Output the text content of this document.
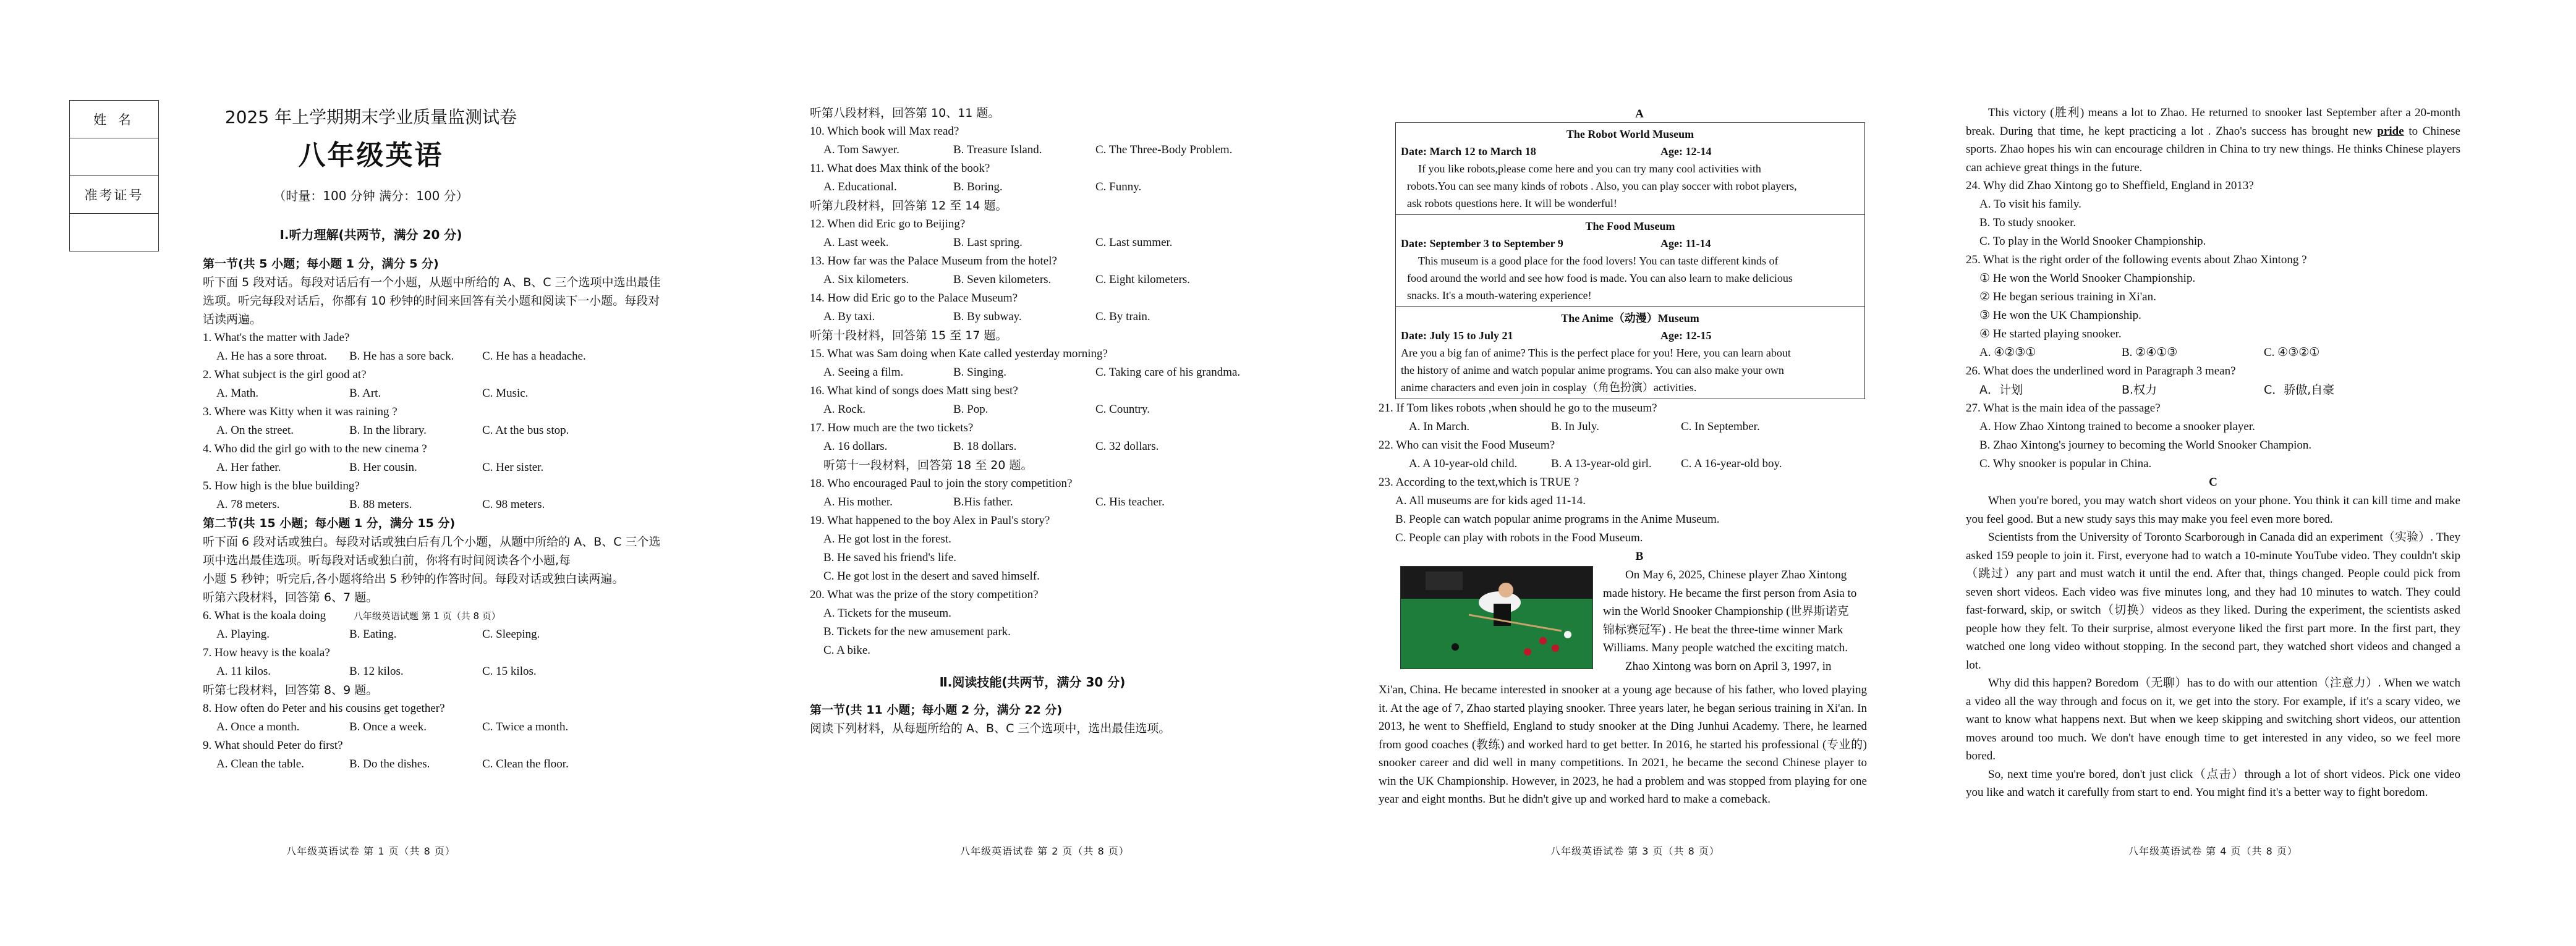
姓 名

准考证号

2025 年上学期期末学业质量监测试卷
八年级英语
（时量：100 分钟 满分：100 分）
Ⅰ.听力理解(共两节，满分 20 分)
第一节(共 5 小题；每小题 1 分，满分 5 分)
听下面 5 段对话。每段对话后有一个小题，从题中所给的 A、B、C 三个选项中选出最佳
选项。听完每段对话后，你都有 10 秒钟的时间来回答有关小题和阅读下一小题。每段对
话读两遍。
1. What's the matter with Jade?
A. He has a sore throat.	B. He has a sore back.	C. He has a headache.
2. What subject is the girl good at?
A. Math.	B. Art.	C. Music.
3. Where was Kitty when it was raining ?
A. On the street.	B. In the library.	C. At the bus stop.
4. Who did the girl go with to the new cinema ?
A. Her father.	B. Her cousin.	C. Her sister.
5. How high is the blue building?
A. 78 meters.	B. 88 meters.	C. 98 meters.
第二节(共 15 小题；每小题 1 分，满分 15 分)
听下面 6 段对话或独白。每段对话或独白后有几个小题，从题中所给的 A、B、C 三个选
项中选出最佳选项。听每段对话或独白前，你将有时间阅读各个小题,每
小题 5 秒钟；听完后,各小题将给出 5 秒钟的作答时间。每段对话或独白读两遍。
听第六段材料，回答第 6、7 题。
6. What is the koala doing	八年级英语试题 第 1 页（共 8 页）
A. Playing.	B. Eating.	C. Sleeping.
7. How heavy is the koala?
A. 11 kilos.	B. 12 kilos.	C. 15 kilos.
听第七段材料，回答第 8、9 题。
8. How often do Peter and his cousins get together?
A. Once a month.	B. Once a week.	C. Twice a month.
9. What should Peter do first?
A. Clean the table.	B. Do the dishes.	C. Clean the floor.
八年级英语试卷 第 1 页（共 8 页）
听第八段材料，回答第 10、11 题。
10. Which book will Max read?
A. Tom Sawyer.	B. Treasure Island.	C. The Three-Body Problem.
11. What does Max think of the book?
A. Educational.	B. Boring.	C. Funny.
听第九段材料，回答第 12 至 14 题。
12. When did Eric go to Beijing?
A. Last week.	B. Last spring.	C. Last summer.
13. How far was the Palace Museum from the hotel?
A. Six kilometers.	B. Seven kilometers.	C. Eight kilometers.
14. How did Eric go to the Palace Museum?
A. By taxi.	B. By subway.	C. By train.
听第十段材料，回答第 15 至 17 题。
15. What was Sam doing when Kate called yesterday morning?
A. Seeing a film.	B. Singing.	C. Taking care of his grandma.
16. What kind of songs does Matt sing best?
A. Rock.	B. Pop.	C. Country.
17. How much are the two tickets?
A. 16 dollars.	B. 18 dollars.	C. 32 dollars.
听第十一段材料，回答第 18 至 20 题。
18. Who encouraged Paul to join the story competition?
A. His mother.	B.His father.	C. His teacher.
19. What happened to the boy Alex in Paul's story?
A. He got lost in the forest.
B. He saved his friend's life.
C. He got lost in the desert and saved himself.
20. What was the prize of the story competition?
A. Tickets for the museum.
B. Tickets for the new amusement park.
C. A bike.
Ⅱ.阅读技能(共两节，满分 30 分)
第一节(共 11 小题；每小题 2 分，满分 22 分)
阅读下列材料，从每题所给的 A、B、C 三个选项中，选出最佳选项。
八年级英语试卷 第 2 页（共 8 页）
A
The Robot World Museum
Date: March 12 to March 18	Age: 12-14
If you like robots,please come here and you can try many cool activities with
robots.You can see many kinds of robots . Also, you can play soccer with robot players,
ask robots questions here. It will be wonderful!

The Food Museum
Date: September 3 to September 9	Age: 11-14
This museum is a good place for the food lovers! You can taste different kinds of
food around the world and see how food is made. You can also learn to make delicious
snacks. It's a mouth-watering experience!

The Anime（动漫）Museum
Date: July 15 to July 21	Age: 12-15
Are you a big fan of anime? This is the perfect place for you! Here, you can learn about
the history of anime and watch popular anime programs. You can also make your own
anime characters and even join in cosplay（角色扮演）activities.
21. If Tom likes robots ,when should he go to the museum?
A. In March.	B. In July.	C. In September.
22. Who can visit the Food Museum?
A. A 10-year-old child.	B. A 13-year-old girl.	C. A 16-year-old boy.
23. According to the text,which is TRUE ?
A. All museums are for kids aged 11-14.
B. People can watch popular anime programs in the Anime Museum.
C. People can play with robots in the Food Museum.
B
On May 6, 2025, Chinese player Zhao Xintong
made history. He became the first person from Asia to
win the World Snooker Championship (世界斯诺克
锦标赛冠军) . He beat the three-time winner Mark
Williams. Many people watched the exciting match.
Zhao Xintong was born on April 3, 1997, in
Xi'an, China. He became interested in snooker at a young age because of his father, who loved playing it. At the age of 7, Zhao started playing snooker. Three years later, he began serious training in Xi'an. In 2013, he went to Sheffield, England to study snooker at the Ding Junhui Academy. There, he learned from good coaches (教练) and worked hard to get better. In 2016, he started his professional (专业的) snooker career and did well in many competitions. In 2021, he became the second Chinese player to win the UK Championship. However, in 2023, he had a problem and was stopped from playing for one year and eight months. But he didn't give up and worked hard to make a comeback.
八年级英语试卷 第 3 页（共 8 页）
This victory (胜利) means a lot to Zhao. He returned to snooker last September after a 20-month break. During that time, he kept practicing a lot . Zhao's success has brought new pride to Chinese sports. Zhao hopes his win can encourage children in China to try new things. He thinks Chinese players can achieve great things in the future.
24. Why did Zhao Xintong go to Sheffield, England in 2013?
A. To visit his family.
B. To study snooker.
C. To play in the World Snooker Championship.
25. What is the right order of the following events about Zhao Xintong ?
① He won the World Snooker Championship.
② He began serious training in Xi'an.
③ He won the UK Championship.
④ He started playing snooker.
A. ④②③①	B. ②④①③	C. ④③②①
26. What does the underlined word in Paragraph 3 mean?
A．计划	B.权力	C．骄傲,自豪
27. What is the main idea of the passage?
A. How Zhao Xintong trained to become a snooker player.
B. Zhao Xintong's journey to becoming the World Snooker Champion.
C. Why snooker is popular in China.
C
When you're bored, you may watch short videos on your phone. You think it can kill time and make you feel good. But a new study says this may make you feel even more bored.
Scientists from the University of Toronto Scarborough in Canada did an experiment（实验）. They asked 159 people to join it. First, everyone had to watch a 10-minute YouTube video. They couldn't skip（跳过）any part and must watch it until the end. After that, things changed. People could pick from seven short videos. Each video was five minutes long, and they had 10 minutes to watch. They could fast-forward, skip, or switch（切换）videos as they liked. During the experiment, the scientists asked people how they felt. To their surprise, almost everyone liked the first part more. In the first part, they watched one long video without stopping. In the second part, they watched short videos and changed a lot.
Why did this happen? Boredom（无聊）has to do with our attention（注意力）. When we watch a video all the way through and focus on it, we get into the story. For example, if it's a scary video, we want to know what happens next. But when we keep skipping and switching short videos, our attention moves around too much. We don't have enough time to get interested in any video, so we feel more bored.
So, next time you're bored, don't just click（点击）through a lot of short videos. Pick one video you like and watch it carefully from start to end. You might find it's a better way to fight boredom.
八年级英语试卷 第 4 页（共 8 页）
